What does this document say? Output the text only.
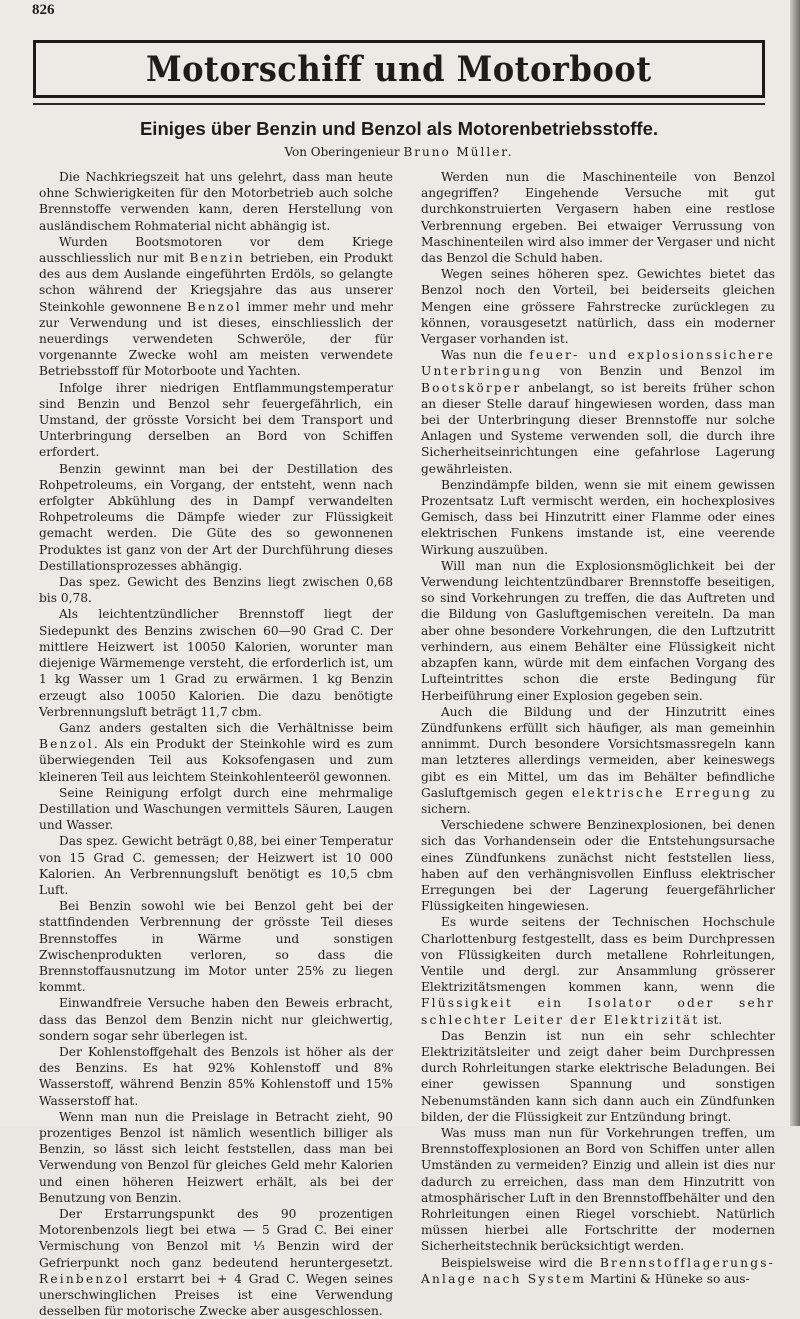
826
Motorschiff und Motorboot
Einiges über Benzin und Benzol als Motorenbetriebsstoffe.
Von Oberingenieur Bruno Müller.

Die Nachkriegszeit hat uns gelehrt, dass man heute ohne Schwierigkeiten für den Motorbetrieb auch solche Brennstoffe verwenden kann, deren Herstellung von ausländischem Rohmaterial nicht abhängig ist.

Wurden Bootsmotoren vor dem Kriege ausschliesslich nur mit Benzin betrieben, ein Produkt des aus dem Auslande eingeführten Erdöls, so gelangte schon während der Kriegsjahre das aus unserer Steinkohle gewonnene Benzol immer mehr und mehr zur Verwendung und ist dieses, einschliesslich der neuerdings verwendeten Schweröle, der für vorgenannte Zwecke wohl am meisten verwendete Betriebsstoff für Motorboote und Yachten.

Infolge ihrer niedrigen Entflammungstemperatur sind Benzin und Benzol sehr feuergefährlich, ein Umstand, der grösste Vorsicht bei dem Transport und Unterbringung derselben an Bord von Schiffen erfordert.

Benzin gewinnt man bei der Destillation des Rohpetroleums, ein Vorgang, der entsteht, wenn nach erfolgter Abkühlung des in Dampf verwandelten Rohpetroleums die Dämpfe wieder zur Flüssigkeit gemacht werden. Die Güte des so gewonnenen Produktes ist ganz von der Art der Durchführung dieses Destillationsprozesses abhängig.

Das spez. Gewicht des Benzins liegt zwischen 0,68 bis 0,78.

Als leichtentzündlicher Brennstoff liegt der Siedepunkt des Benzins zwischen 60—90 Grad C. Der mittlere Heizwert ist 10050 Kalorien, worunter man diejenige Wärmemenge versteht, die erforderlich ist, um 1 kg Wasser um 1 Grad zu erwärmen. 1 kg Benzin erzeugt also 10050 Kalorien. Die dazu benötigte Verbrennungsluft beträgt 11,7 cbm.

Ganz anders gestalten sich die Verhältnisse beim Benzol. Als ein Produkt der Steinkohle wird es zum überwiegenden Teil aus Koksofengasen und zum kleineren Teil aus leichtem Steinkohlenteeröl gewonnen.

Seine Reinigung erfolgt durch eine mehrmalige Destillation und Waschungen vermittels Säuren, Laugen und Wasser.

Das spez. Gewicht beträgt 0,88, bei einer Temperatur von 15 Grad C. gemessen; der Heizwert ist 10 000 Kalorien. An Verbrennungsluft benötigt es 10,5 cbm Luft.

Bei Benzin sowohl wie bei Benzol geht bei der stattfindenden Verbrennung der grösste Teil dieses Brennstoffes in Wärme und sonstigen Zwischenprodukten verloren, so dass die Brennstoffausnutzung im Motor unter 25% zu liegen kommt.

Einwandfreie Versuche haben den Beweis erbracht, dass das Benzol dem Benzin nicht nur gleichwertig, sondern sogar sehr überlegen ist.

Der Kohlenstoffgehalt des Benzols ist höher als der des Benzins. Es hat 92% Kohlenstoff und 8% Wasserstoff, während Benzin 85% Kohlenstoff und 15% Wasserstoff hat.

Wenn man nun die Preislage in Betracht zieht, 90 prozentiges Benzol ist nämlich wesentlich billiger als Benzin, so lässt sich leicht feststellen, dass man bei Verwendung von Benzol für gleiches Geld mehr Kalorien und einen höheren Heizwert erhält, als bei der Benutzung von Benzin.

Der Erstarrungspunkt des 90 prozentigen Motorenbenzols liegt bei etwa — 5 Grad C. Bei einer Vermischung von Benzol mit ⅓ Benzin wird der Gefrierpunkt noch ganz bedeutend heruntergesetzt. Reinbenzol erstarrt bei + 4 Grad C. Wegen seines unerschwinglichen Preises ist eine Verwendung desselben für motorische Zwecke aber ausgeschlossen.

Werden nun die Maschinenteile von Benzol angegriffen? Eingehende Versuche mit gut durchkonstruierten Vergasern haben eine restlose Verbrennung ergeben. Bei etwaiger Verrussung von Maschinenteilen wird also immer der Vergaser und nicht das Benzol die Schuld haben.

Wegen seines höheren spez. Gewichtes bietet das Benzol noch den Vorteil, bei beiderseits gleichen Mengen eine grössere Fahrstrecke zurücklegen zu können, vorausgesetzt natürlich, dass ein moderner Vergaser vorhanden ist.

Was nun die feuer- und explosionssichere Unterbringung von Benzin und Benzol im Bootskörper anbelangt, so ist bereits früher schon an dieser Stelle darauf hingewiesen worden, dass man bei der Unterbringung dieser Brennstoffe nur solche Anlagen und Systeme verwenden soll, die durch ihre Sicherheitseinrichtungen eine gefahrlose Lagerung gewährleisten.

Benzindämpfe bilden, wenn sie mit einem gewissen Prozentsatz Luft vermischt werden, ein hochexplosives Gemisch, dass bei Hinzutritt einer Flamme oder eines elektrischen Funkens imstande ist, eine veerende Wirkung auszuüben.

Will man nun die Explosionsmöglichkeit bei der Verwendung leichtentzündbarer Brennstoffe beseitigen, so sind Vorkehrungen zu treffen, die das Auftreten und die Bildung von Gasluftgemischen vereiteln. Da man aber ohne besondere Vorkehrungen, die den Luftzutritt verhindern, aus einem Behälter eine Flüssigkeit nicht abzapfen kann, würde mit dem einfachen Vorgang des Lufteintrittes schon die erste Bedingung für Herbeiführung einer Explosion gegeben sein.

Auch die Bildung und der Hinzutritt eines Zündfunkens erfüllt sich häufiger, als man gemeinhin annimmt. Durch besondere Vorsichtsmassregeln kann man letzteres allerdings vermeiden, aber keineswegs gibt es ein Mittel, um das im Behälter befindliche Gasluftgemisch gegen elektrische Erregung zu sichern.

Verschiedene schwere Benzinexplosionen, bei denen sich das Vorhandensein oder die Entstehungsursache eines Zündfunkens zunächst nicht feststellen liess, haben auf den verhängnisvollen Einfluss elektrischer Erregungen bei der Lagerung feuergefährlicher Flüssigkeiten hingewiesen.

Es wurde seitens der Technischen Hochschule Charlottenburg festgestellt, dass es beim Durchpressen von Flüssigkeiten durch metallene Rohrleitungen, Ventile und dergl. zur Ansammlung grösserer Elektrizitätsmengen kommen kann, wenn die Flüssigkeit ein Isolator oder sehr schlechter Leiter der Elektrizität ist.

Das Benzin ist nun ein sehr schlechter Elektrizitätsleiter und zeigt daher beim Durchpressen durch Rohrleitungen starke elektrische Beladungen. Bei einer gewissen Spannung und sonstigen Nebenumständen kann sich dann auch ein Zündfunken bilden, der die Flüssigkeit zur Entzündung bringt.

Was muss man nun für Vorkehrungen treffen, um Brennstoffexplosionen an Bord von Schiffen unter allen Umständen zu vermeiden? Einzig und allein ist dies nur dadurch zu erreichen, dass man dem Hinzutritt von atmosphärischer Luft in den Brennstoffbehälter und den Rohrleitungen einen Riegel vorschiebt. Natürlich müssen hierbei alle Fortschritte der modernen Sicherheitstechnik berücksichtigt werden.

Beispielsweise wird die Brennstofflagerungs-Anlage nach System Martini & Hüneke so aus-
